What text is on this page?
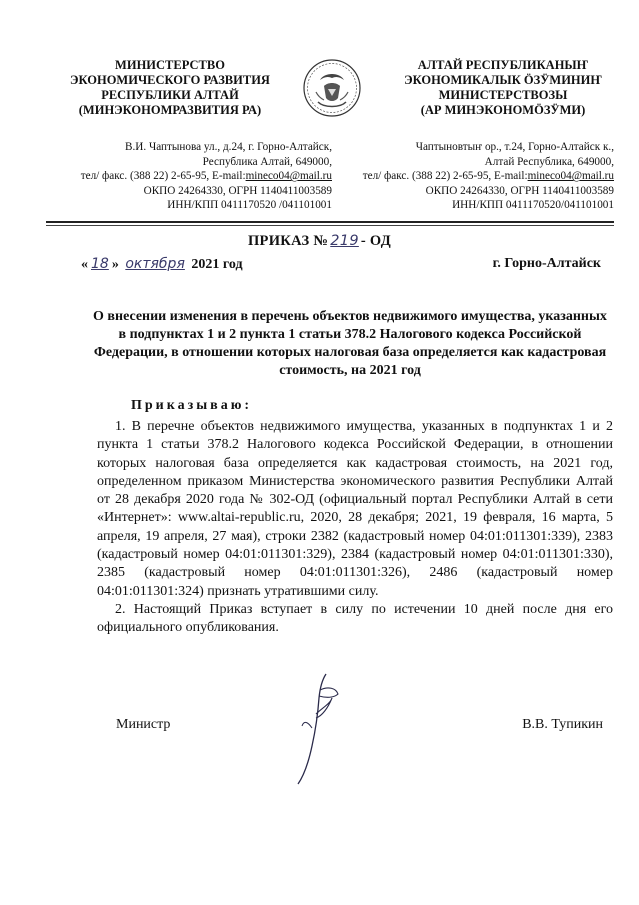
МИНИСТЕРСТВО
ЭКОНОМИЧЕСКОГО РАЗВИТИЯ
РЕСПУБЛИКИ АЛТАЙ
(МИНЭКОНОМРАЗВИТИЯ РА)
АЛТАЙ РЕСПУБЛИКАНЫҤ
ЭКОНОМИКАЛЫК ӦЗӰМИНИҤ
МИНИСТЕРСТВОЗЫ
(АР МИНЭКОНОМӦЗӰМИ)
В.И. Чаптынова ул., д.24, г. Горно-Алтайск,
Республика Алтай, 649000,
тел/ факс. (388 22) 2-65-95, E-mail:mineco04@mail.ru
ОКПО 24264330, ОГРН 1140411003589
ИНН/КПП 0411170520 /041101001
Чаптыновтыҥ ор., т.24, Горно-Алтайск к.,
Алтай Республика, 649000,
тел/ факс. (388 22) 2-65-95, E-mail:mineco04@mail.ru
ОКПО 24264330, ОГРН 1140411003589
ИНН/КПП 0411170520/041101001
ПРИКАЗ № 219 - ОД
« 18 » октября 2021 год	г. Горно-Алтайск
О внесении изменения в перечень объектов недвижимого имущества, указанных в подпунктах 1 и 2 пункта 1 статьи 378.2 Налогового кодекса Российской Федерации, в отношении которых налоговая база определяется как кадастровая стоимость, на 2021 год
Приказываю:

1. В перечне объектов недвижимого имущества, указанных в подпунктах 1 и 2 пункта 1 статьи 378.2 Налогового кодекса Российской Федерации, в отношении которых налоговая база определяется как кадастровая стоимость, на 2021 год, определенном приказом Министерства экономического развития Республики Алтай от 28 декабря 2020 года № 302-ОД (официальный портал Республики Алтай в сети «Интернет»: www.altai-republic.ru, 2020, 28 декабря; 2021, 19 февраля, 16 марта, 5 апреля, 19 апреля, 27 мая), строки 2382 (кадастровый номер 04:01:011301:339), 2383 (кадастровый номер 04:01:011301:329), 2384 (кадастровый номер 04:01:011301:330), 2385 (кадастровый номер 04:01:011301:326), 2486 (кадастровый номер 04:01:011301:324) признать утратившими силу.

2. Настоящий Приказ вступает в силу по истечении 10 дней после дня его официального опубликования.

Министр	В.В. Тупикин
